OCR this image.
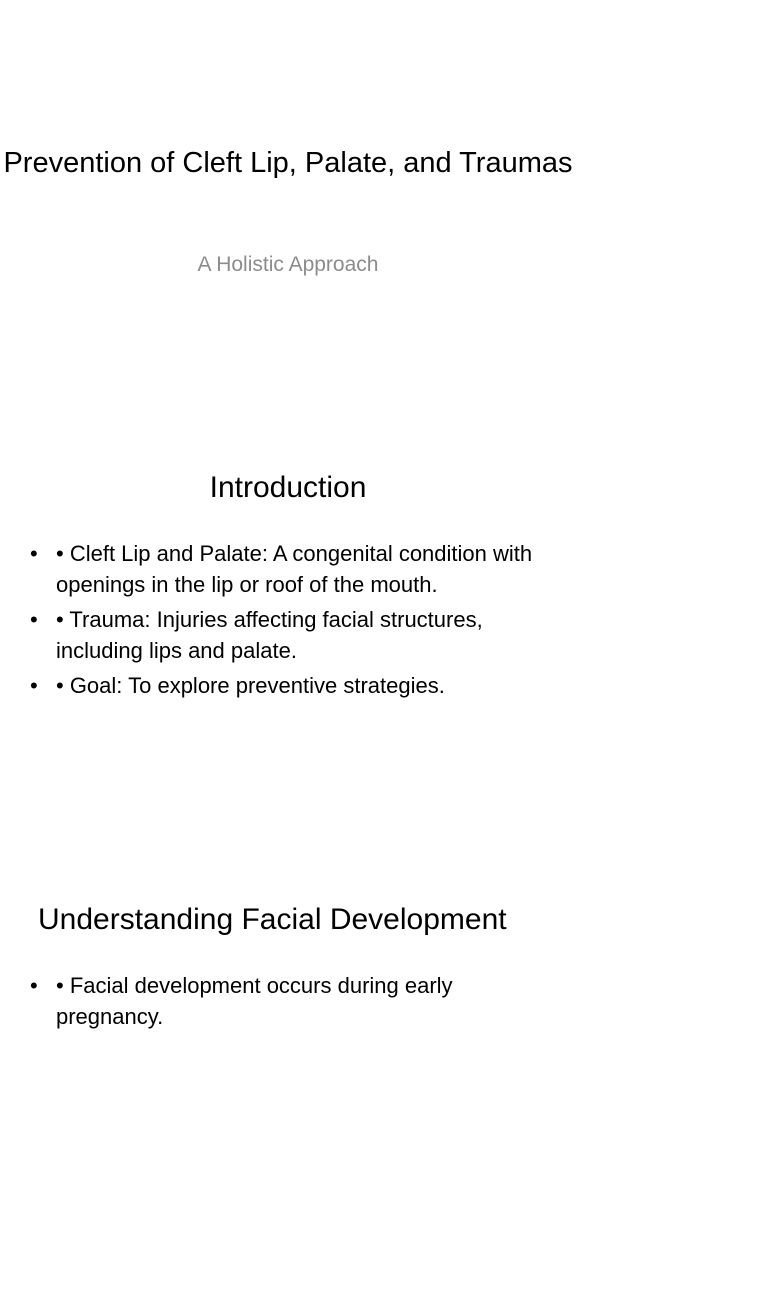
Prevention of Cleft Lip, Palate, and Traumas

A Holistic Approach

Introduction
• • Cleft Lip and Palate: A congenital condition with openings in the lip or roof of the mouth.
• • Trauma: Injuries affecting facial structures, including lips and palate.
• • Goal: To explore preventive strategies.
Understanding Facial Development
• • Facial development occurs during early pregnancy.
